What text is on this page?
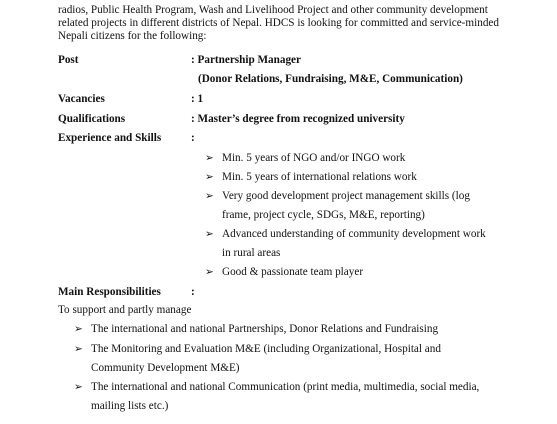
radios, Public Health Program, Wash and Livelihood Project and other community development
related projects in different districts of Nepal. HDCS is looking for committed and service-minded
Nepali citizens for the following:
Post	: Partnership Manager
(Donor Relations, Fundraising, M&E, Communication)
Vacancies	: 1
Qualifications	: Master’s degree from recognized university
Experience and Skills	:
➢ Min. 5 years of NGO and/or INGO work
➢ Min. 5 years of international relations work
➢ Very good development project management skills (log
frame, project cycle, SDGs, M&E, reporting)
➢ Advanced understanding of community development work
in rural areas
➢ Good & passionate team player
Main Responsibilities	:
To support and partly manage
➢ The international and national Partnerships, Donor Relations and Fundraising
➢ The Monitoring and Evaluation M&E (including Organizational, Hospital and
Community Development M&E)
➢ The international and national Communication (print media, multimedia, social media,
mailing lists etc.)
